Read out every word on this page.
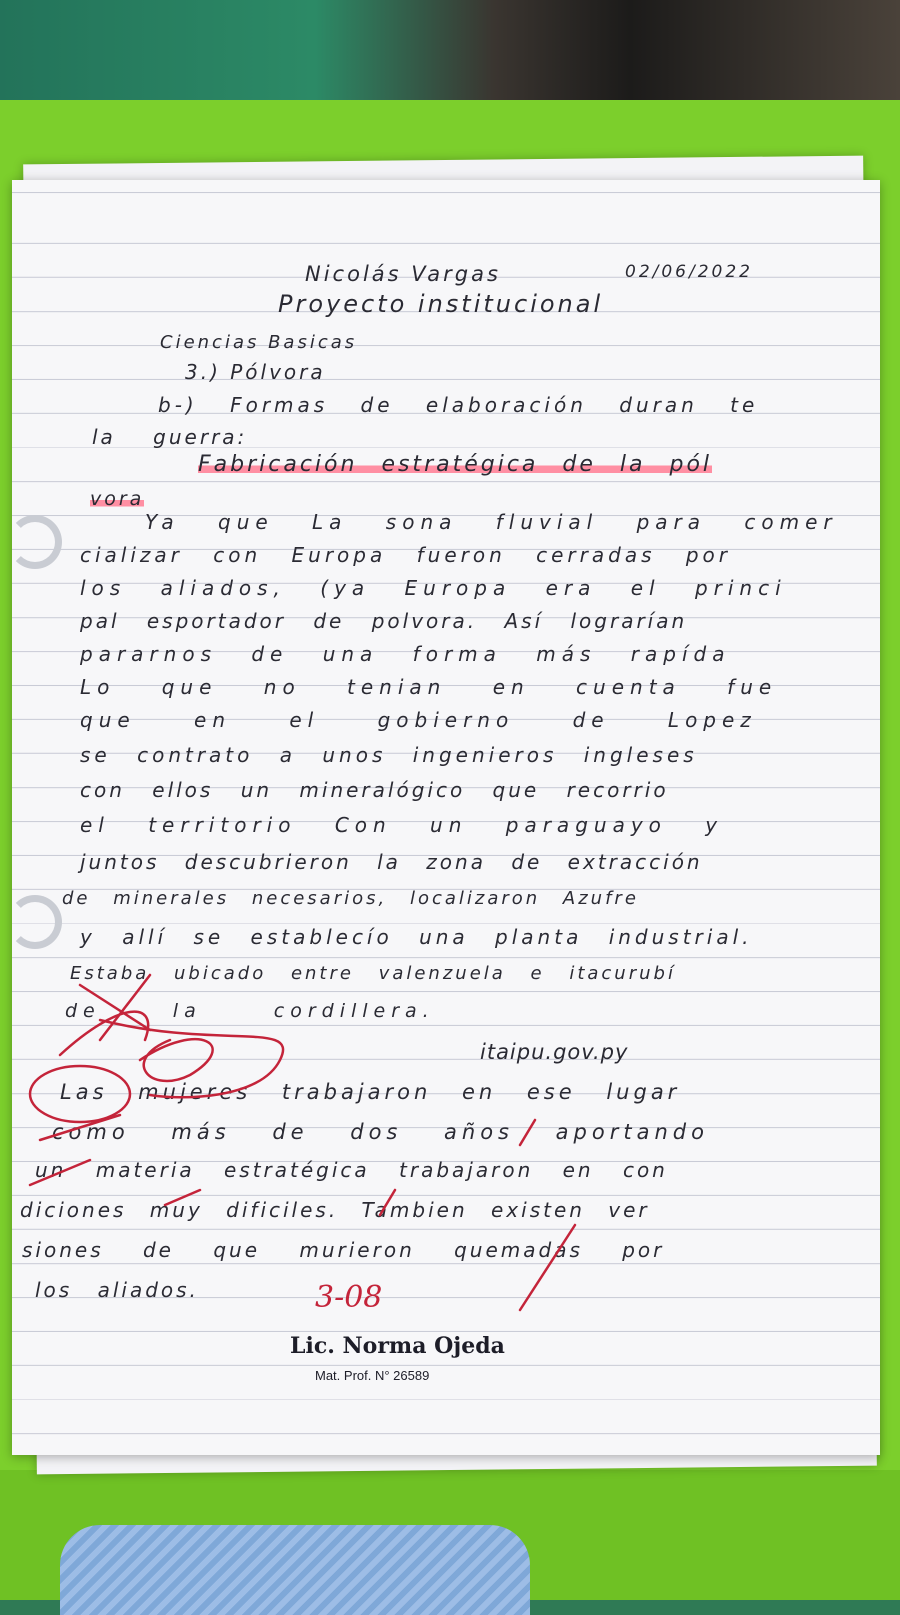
Nicolás Vargas	02/06/2022
Proyecto institucional
Ciencias Basicas
3.) Pólvora
b-) Formas de elaboración duran te
la guerra:
Fabricación estratégica de la pól
vora
Ya que La sona fluvial para comer
cializar con Europa fueron cerradas por
los aliados, (ya Europa era el princi
pal esportador de polvora. Así lograrían
pararnos de una forma más rapída
Lo que no tenian en cuenta fue
que en el gobierno de Lopez
se contrato a unos ingenieros ingleses
con ellos un mineralógico que recorrio
el territorio Con un paraguayo y
juntos descubrieron la zona de extracción
de minerales necesarios, localizaron Azufre
y allí se establecío una planta industrial.
Estaba ubicado entre valenzuela e itacurubí
de la cordillera.
itaipu.gov.py
Las mujeres trabajaron en ese lugar
como más de dos años aportando
un materia estratégica trabajaron en con
diciones muy dificiles. Tambien existen ver
siones de que murieron quemadas por
los aliados.	3-08
Lic. Norma Ojeda
Mat. Prof. N° 26589
